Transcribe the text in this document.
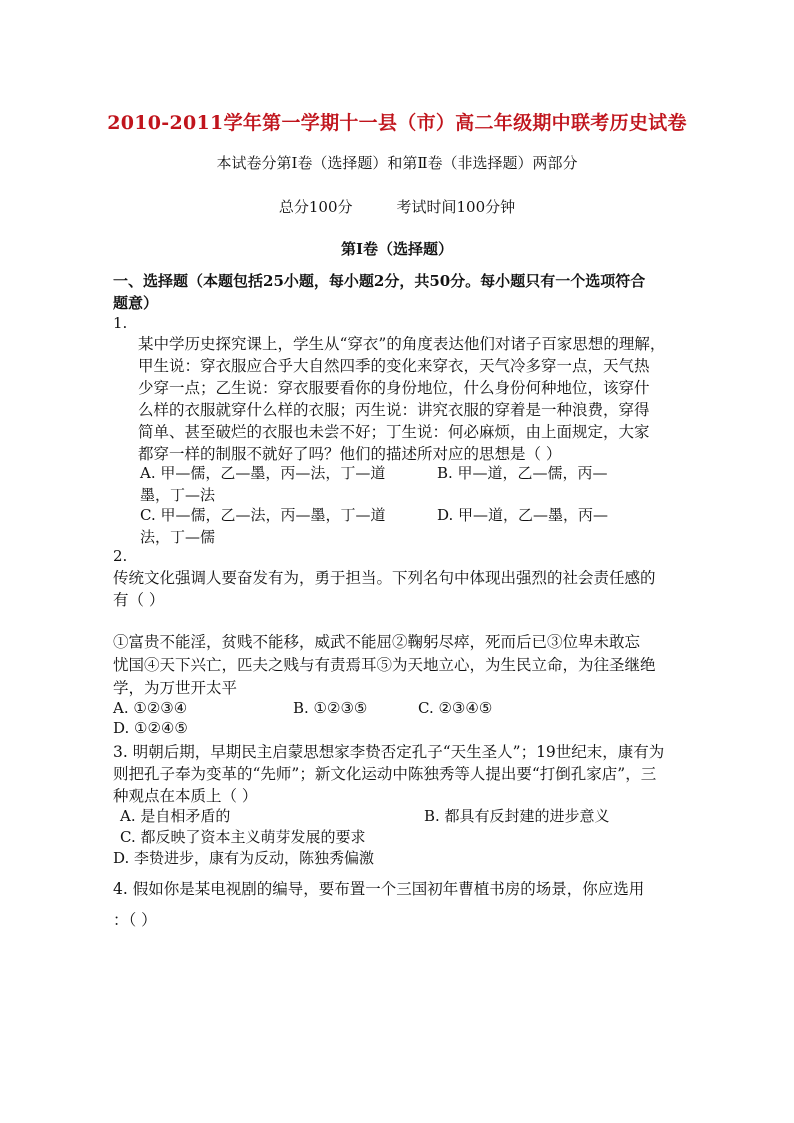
2010-2011学年第一学期十一县（市）高二年级期中联考历史试卷
本试卷分第Ⅰ卷（选择题）和第Ⅱ卷（非选择题）两部分
总分100分	考试时间100分钟
第Ⅰ卷（选择题）
一、选择题（本题包括25小题，每小题2分，共50分。每小题只有一个选项符合
题意）
1.
某中学历史探究课上，学生从“穿衣”的角度表达他们对诸子百家思想的理解，
甲生说：穿衣服应合乎大自然四季的变化来穿衣，天气冷多穿一点，天气热
少穿一点；乙生说：穿衣服要看你的身份地位，什么身份何种地位，该穿什
么样的衣服就穿什么样的衣服；丙生说：讲究衣服的穿着是一种浪费，穿得
简单、甚至破烂的衣服也未尝不好；丁生说：何必麻烦，由上面规定，大家
都穿一样的制服不就好了吗？他们的描述所对应的思想是（ ）
A. 甲—儒，乙—墨，丙—法，丁—道	B. 甲—道，乙—儒，丙—
墨，丁—法
C. 甲—儒，乙—法，丙—墨，丁—道	D. 甲—道，乙—墨，丙—
法，丁—儒
2.
传统文化强调人要奋发有为，勇于担当。下列名句中体现出强烈的社会责任感的
有（ ）
①富贵不能淫，贫贱不能移，威武不能屈②鞠躬尽瘁，死而后已③位卑未敢忘
忧国④天下兴亡，匹夫之贱与有责焉耳⑤为天地立心，为生民立命，为往圣继绝
学，为万世开太平
A. ①②③④	B. ①②③⑤	C. ②③④⑤
D. ①②④⑤
3. 明朝后期，早期民主启蒙思想家李贽否定孔子“天生圣人”；19世纪末，康有为
则把孔子奉为变革的“先师”；新文化运动中陈独秀等人提出要“打倒孔家店”，三
种观点在本质上（ ）
A. 是自相矛盾的	B. 都具有反封建的进步意义
C. 都反映了资本主义萌芽发展的要求
D. 李贽进步，康有为反动，陈独秀偏激
4. 假如你是某电视剧的编导，要布置一个三国初年曹植书房的场景，你应选用
：（ ）
